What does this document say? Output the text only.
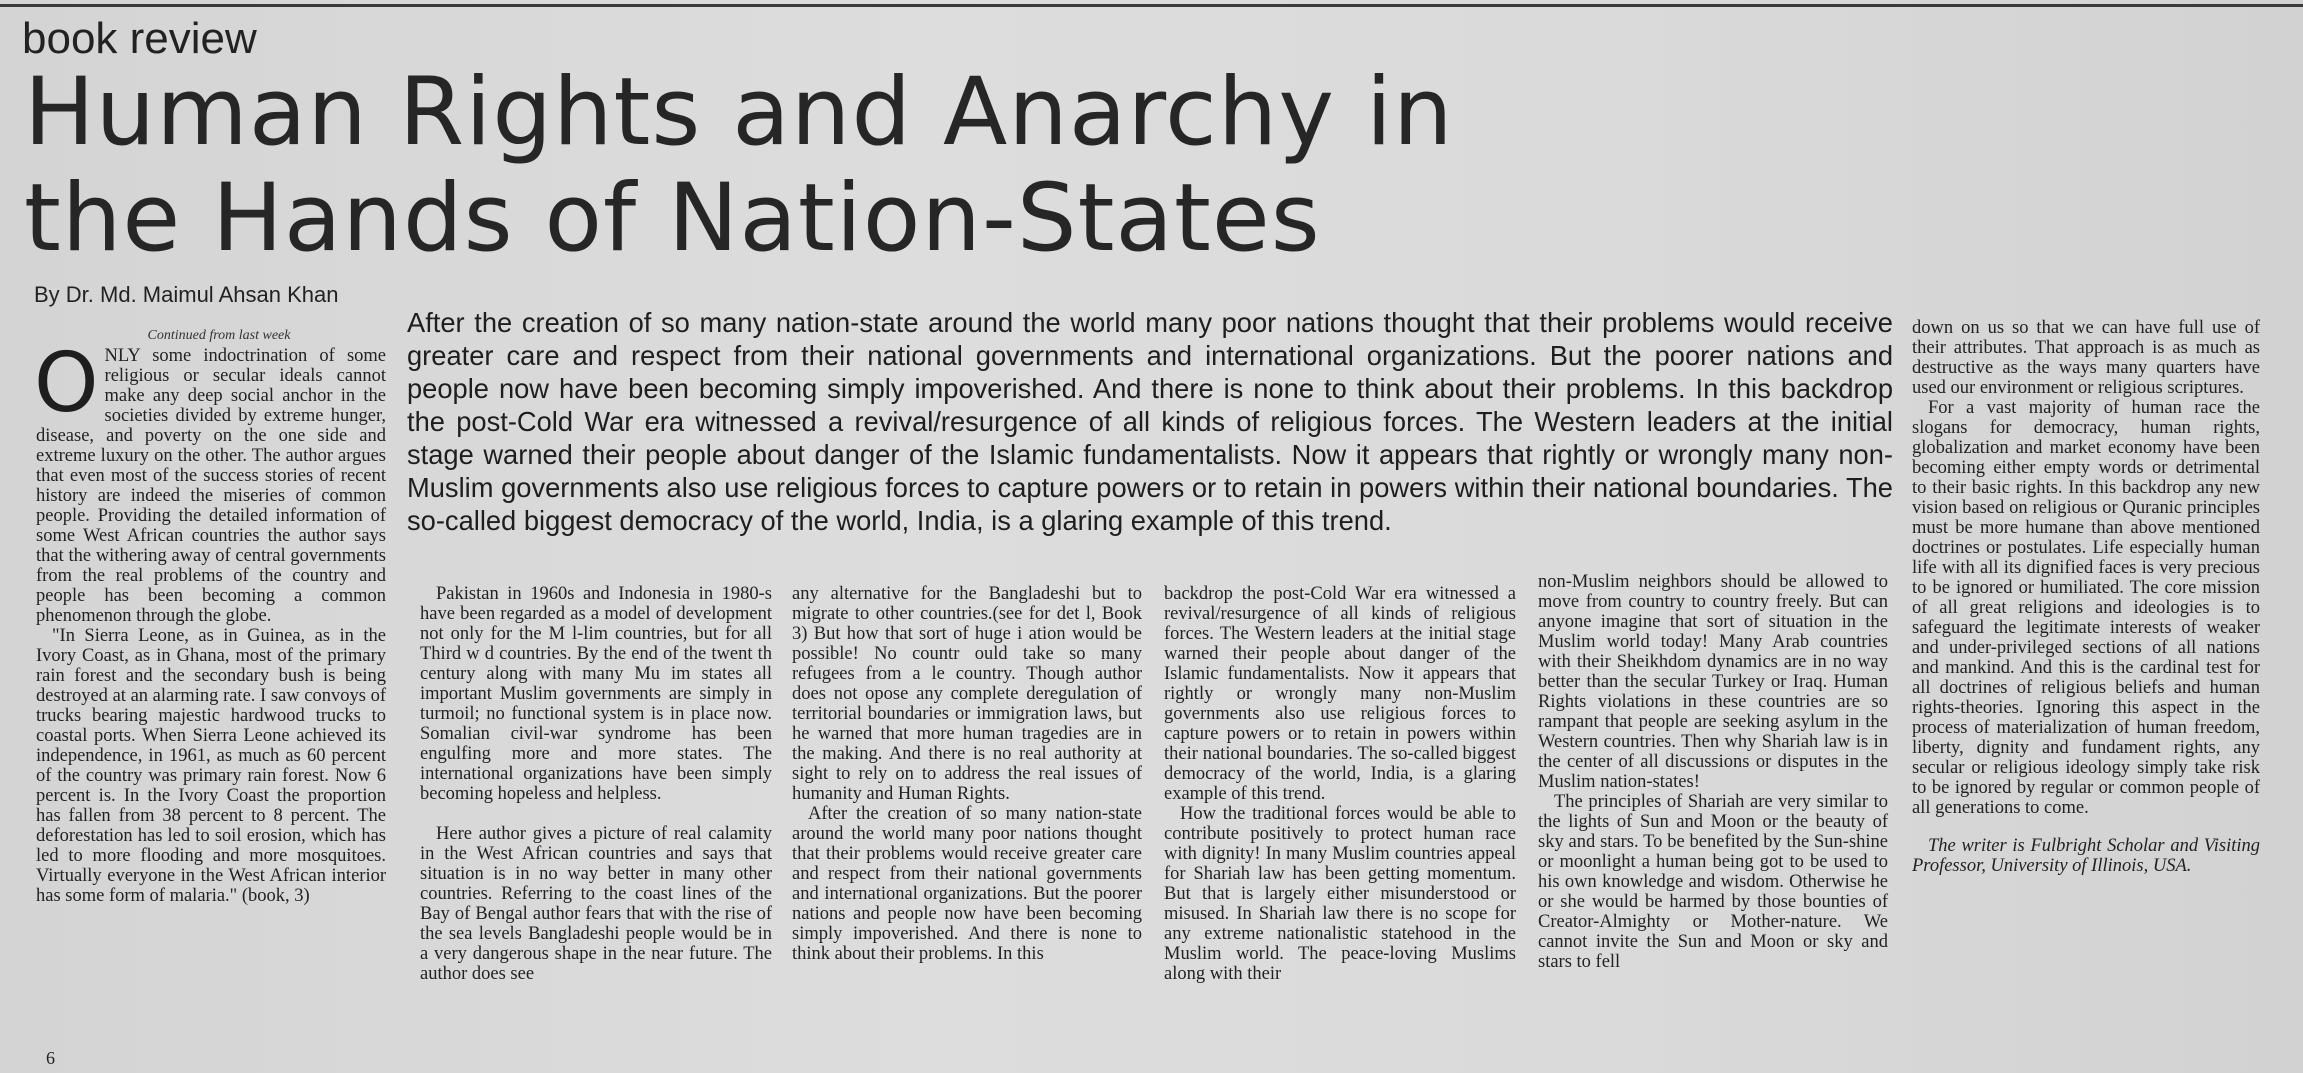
book review
Human Rights and Anarchy in the Hands of Nation-States

By Dr. Md. Maimul Ahsan Khan

Continued from last week

ONLY some indoctrination of some religious or secular ideals cannot make any deep social anchor in the societies divided by extreme hunger, disease, and poverty on the one side and extreme luxury on the other. The author argues that even most of the success stories of recent history are indeed the miseries of common people. Providing the detailed information of some West African countries the author says that the withering away of central governments from the real problems of the country and people has been becoming a common phenomenon through the globe.

"In Sierra Leone, as in Guinea, as in the Ivory Coast, as in Ghana, most of the primary rain forest and the secondary bush is being destroyed at an alarming rate. I saw convoys of trucks bearing majestic hardwood trucks to coastal ports. When Sierra Leone achieved its independence, in 1961, as much as 60 percent of the country was primary rain forest. Now 6 percent is. In the Ivory Coast the proportion has fallen from 38 percent to 8 percent. The deforestation has led to soil erosion, which has led to more flooding and more mosquitoes. Virtually everyone in the West African interior has some form of malaria." (book, 3)

After the creation of so many nation-state around the world many poor nations thought that their problems would receive greater care and respect from their national governments and international organizations. But the poorer nations and people now have been becoming simply impoverished. And there is none to think about their problems. In this backdrop the post-Cold War era witnessed a revival/resurgence of all kinds of religious forces. The Western leaders at the initial stage warned their people about danger of the Islamic fundamentalists. Now it appears that rightly or wrongly many non-Muslim governments also use religious forces to capture powers or to retain in powers within their national boundaries. The so-called biggest democracy of the world, India, is a glaring example of this trend.

Pakistan in 1960s and Indonesia in 1980-s have been regarded as a model of development not only for the M l-lim countries, but for all Third w d countries. By the end of the twent th century along with many Mu im states all important Muslim governments are simply in turmoil; no functional system is in place now. Somalian civil-war syndrome has been engulfing more and more states. The international organizations have been simply becoming hopeless and helpless.

Here author gives a picture of real calamity in the West African countries and says that situation is in no way better in many other countries. Referring to the coast lines of the Bay of Bengal author fears that with the rise of the sea levels Bangladeshi people would be in a very dangerous shape in the near future. The author does see

any alternative for the Bangladeshi but to migrate to other countries.(see for det l, Book 3) But how that sort of huge i ation would be possible! No countr ould take so many refugees from a le country. Though author does not opose any complete deregulation of territorial boundaries or immigration laws, but he warned that more human tragedies are in the making. And there is no real authority at sight to rely on to address the real issues of humanity and Human Rights.

After the creation of so many nation-state around the world many poor nations thought that their problems would receive greater care and respect from their national governments and international organizations. But the poorer nations and people now have been becoming simply impoverished. And there is none to think about their problems. In this

backdrop the post-Cold War era witnessed a revival/resurgence of all kinds of religious forces. The Western leaders at the initial stage warned their people about danger of the Islamic fundamentalists. Now it appears that rightly or wrongly many non-Muslim governments also use religious forces to capture powers or to retain in powers within their national boundaries. The so-called biggest democracy of the world, India, is a glaring example of this trend.

How the traditional forces would be able to contribute positively to protect human race with dignity! In many Muslim countries appeal for Shariah law has been getting momentum. But that is largely either misunderstood or misused. In Shariah law there is no scope for any extreme nationalistic statehood in the Muslim world. The peace-loving Muslims along with their

non-Muslim neighbors should be allowed to move from country to country freely. But can anyone imagine that sort of situation in the Muslim world today! Many Arab countries with their Sheikhdom dynamics are in no way better than the secular Turkey or Iraq. Human Rights violations in these countries are so rampant that people are seeking asylum in the Western countries. Then why Shariah law is in the center of all discussions or disputes in the Muslim nation-states!

The principles of Shariah are very similar to the lights of Sun and Moon or the beauty of sky and stars. To be benefited by the Sun-shine or moonlight a human being got to be used to his own knowledge and wisdom. Otherwise he or she would be harmed by those bounties of Creator-Almighty or Mother-nature. We cannot invite the Sun and Moon or sky and stars to fell

down on us so that we can have full use of their attributes. That approach is as much as destructive as the ways many quarters have used our environment or religious scriptures.

For a vast majority of human race the slogans for democracy, human rights, globalization and market economy have been becoming either empty words or detrimental to their basic rights. In this backdrop any new vision based on religious or Quranic principles must be more humane than above mentioned doctrines or postulates. Life especially human life with all its dignified faces is very precious to be ignored or humiliated. The core mission of all great religions and ideologies is to safeguard the legitimate interests of weaker and under-privileged sections of all nations and mankind. And this is the cardinal test for all doctrines of religious beliefs and human rights-theories. Ignoring this aspect in the process of materialization of human freedom, liberty, dignity and fundament rights, any secular or religious ideology simply take risk to be ignored by regular or common people of all generations to come.

The writer is Fulbright Scholar and Visiting Professor, University of Illinois, USA.

6
